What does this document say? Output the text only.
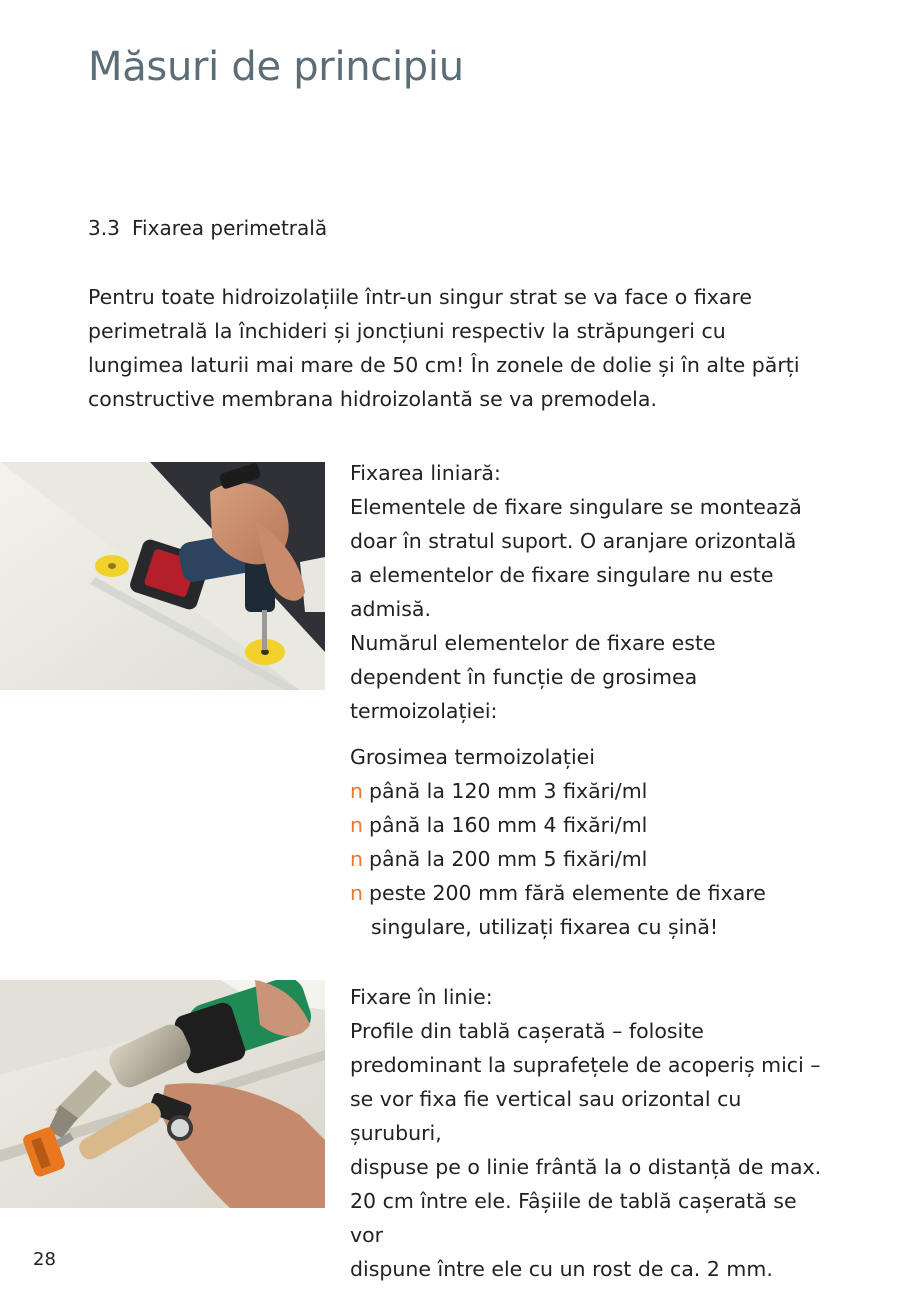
Măsuri de principiu
3.3 Fixarea perimetrală
Pentru toate hidroizolațiile într-un singur strat se va face o fixare
perimetrală la închideri și joncțiuni respectiv la străpungeri cu
lungimea laturii mai mare de 50 cm! În zonele de dolie și în alte părți
constructive membrana hidroizolantă se va premodela.

Fixarea liniară:

Elementele de fixare singulare se montează

doar în stratul suport. O aranjare orizontală

a elementelor de fixare singulare nu este

admisă.

Numărul elementelor de fixare este

dependent în funcție de grosimea

termoizolației:

Grosimea termoizolației

n până la 120 mm 3 fixări/ml

n până la 160 mm 4 fixări/ml

n până la 200 mm 5 fixări/ml

n peste 200 mm fără elemente de fixare

singulare, utilizați fixarea cu șină!

Fixare în linie:

Profile din tablă cașerată – folosite

predominant la suprafețele de acoperiș mici –

se vor fixa fie vertical sau orizontal cu șuruburi,

dispuse pe o linie frântă la o distanță de max.

20 cm între ele. Fâșiile de tablă cașerată se vor

dispune între ele cu un rost de ca. 2 mm.

28
